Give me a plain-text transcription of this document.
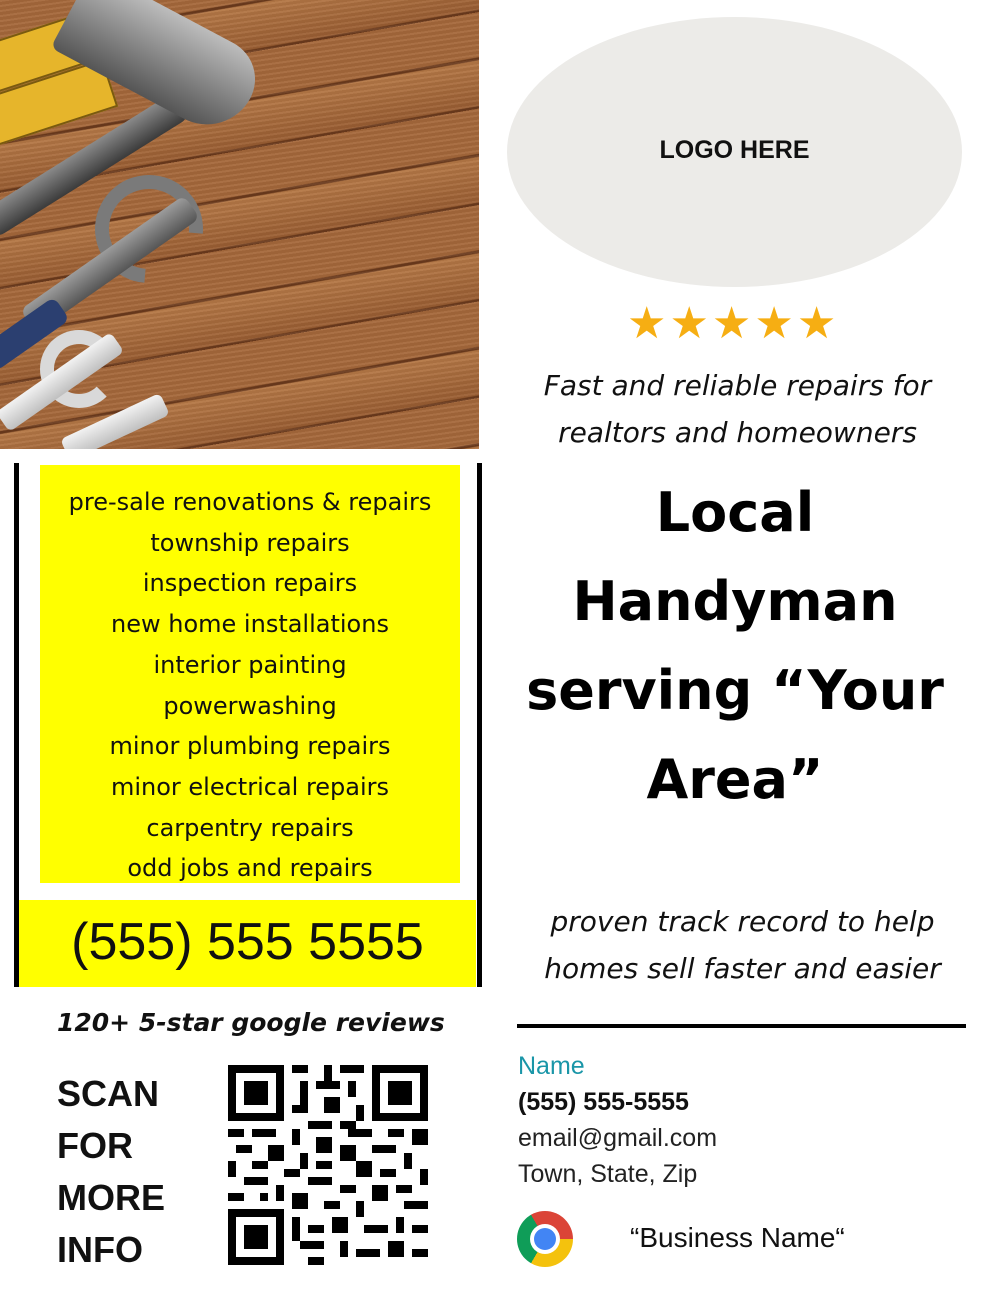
LOGO HERE
★ ★ ★ ★ ★
Fast and reliable repairs for
realtors and homeowners
Local
Handyman
serving “Your
Area”
pre-sale renovations & repairs
township repairs
inspection repairs
new home installations
interior painting
powerwashing
minor plumbing repairs
minor electrical repairs
carpentry repairs
odd jobs and repairs
(555) 555 5555
120+ 5-star google reviews
SCAN
FOR
MORE
INFO
proven track record to help
homes sell faster and easier
Name
(555) 555-5555
email@gmail.com
Town, State, Zip
“Business Name“
